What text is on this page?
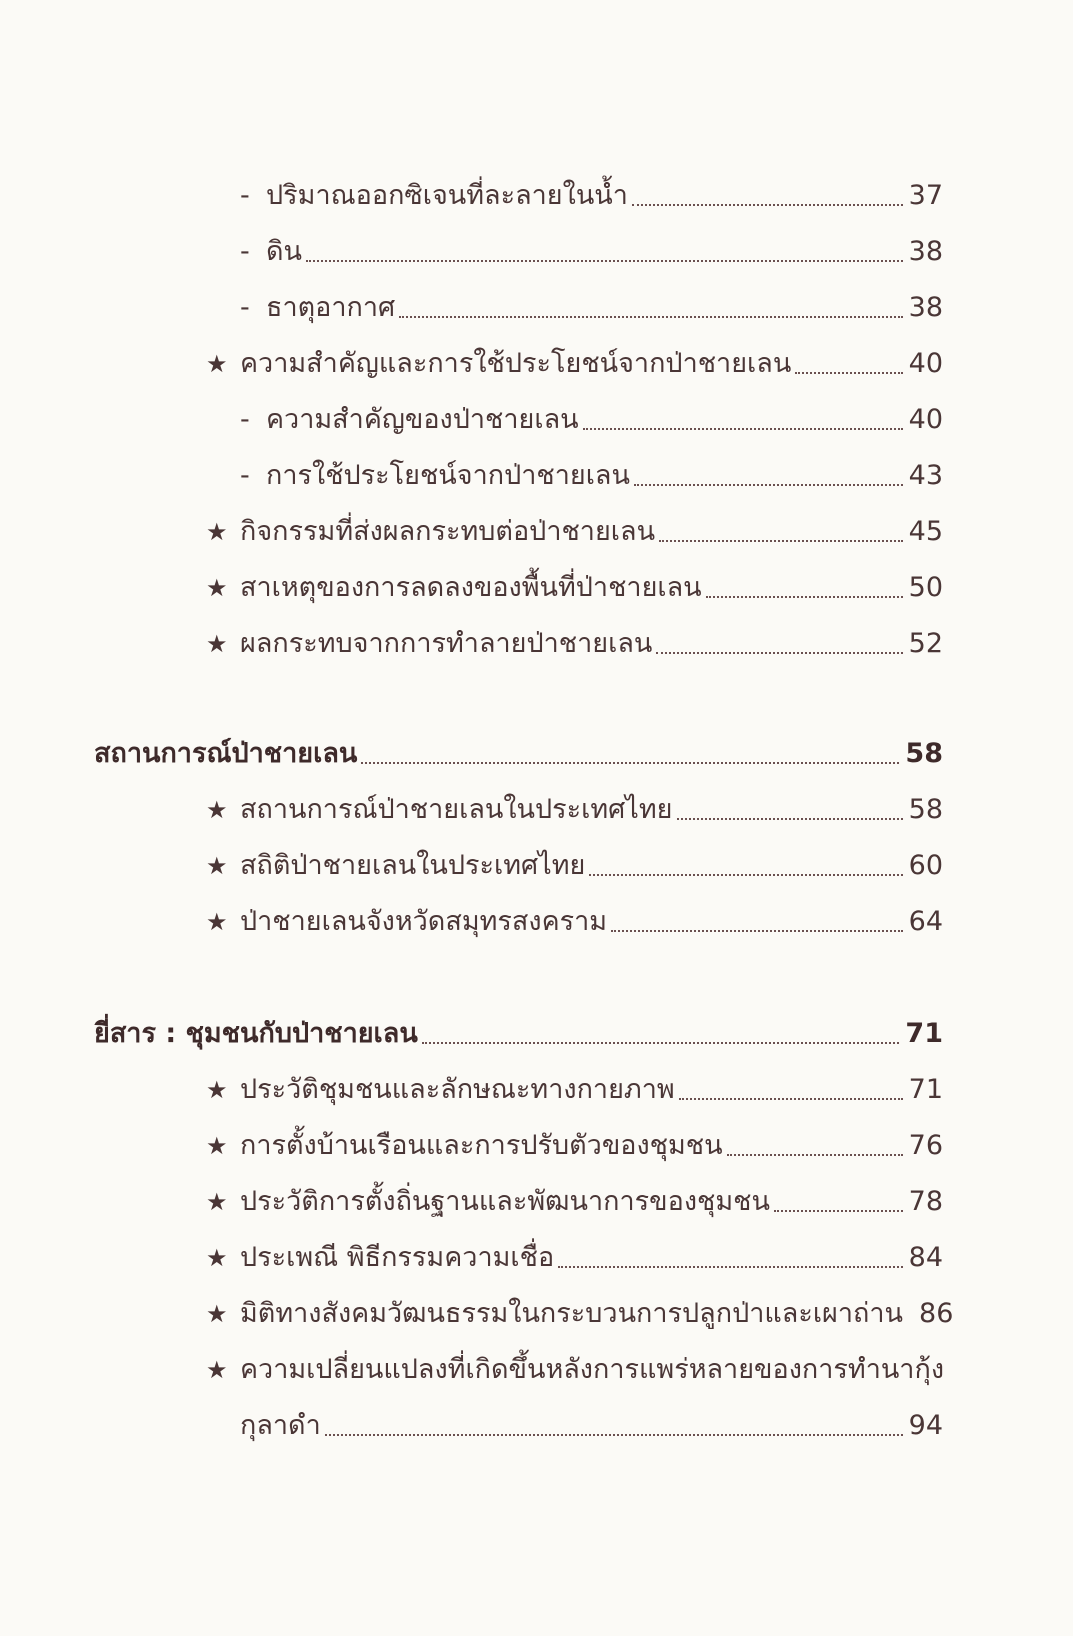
- ปริมาณออกซิเจนที่ละลายในน้ำ	37
- ดิน	38
- ธาตุอากาศ	38
★ ความสำคัญและการใช้ประโยชน์จากป่าชายเลน	40
- ความสำคัญของป่าชายเลน	40
- การใช้ประโยชน์จากป่าชายเลน	43
★ กิจกรรมที่ส่งผลกระทบต่อป่าชายเลน	45
★ สาเหตุของการลดลงของพื้นที่ป่าชายเลน	50
★ ผลกระทบจากการทำลายป่าชายเลน	52
สถานการณ์ป่าชายเลน	58
★ สถานการณ์ป่าชายเลนในประเทศไทย	58
★ สถิติป่าชายเลนในประเทศไทย	60
★ ป่าชายเลนจังหวัดสมุทรสงคราม	64
ยี่สาร : ชุมชนกับป่าชายเลน	71
★ ประวัติชุมชนและลักษณะทางกายภาพ	71
★ การตั้งบ้านเรือนและการปรับตัวของชุมชน	76
★ ประวัติการตั้งถิ่นฐานและพัฒนาการของชุมชน	78
★ ประเพณี พิธีกรรมความเชื่อ	84
★ มิติทางสังคมวัฒนธรรมในกระบวนการปลูกป่าและเผาถ่าน 86
★ ความเปลี่ยนแปลงที่เกิดขึ้นหลังการแพร่หลายของการทำนากุ้ง
กุลาดำ	94
